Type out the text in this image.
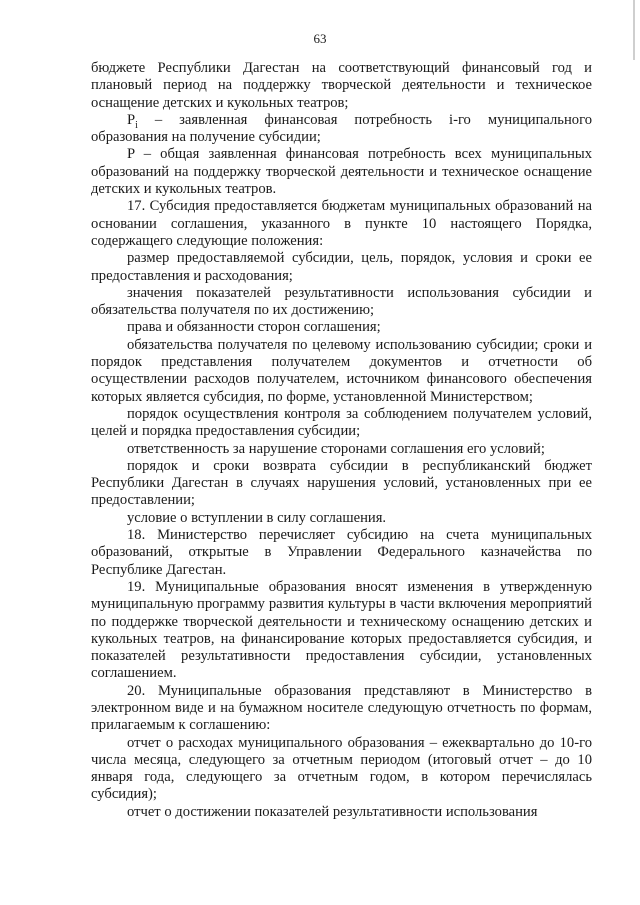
63

бюджете Республики Дагестан на соответствующий финансовый год и плановый период на поддержку творческой деятельности и техническое оснащение детских и кукольных театров;

$P_i$ – заявленная финансовая потребность i-го муниципального образования на получение субсидии;

P – общая заявленная финансовая потребность всех муниципальных образований на поддержку творческой деятельности и техническое оснащение детских и кукольных театров.

17. Субсидия предоставляется бюджетам муниципальных образований на основании соглашения, указанного в пункте 10 настоящего Порядка, содержащего следующие положения:

размер предоставляемой субсидии, цель, порядок, условия и сроки ее предоставления и расходования;

значения показателей результативности использования субсидии и обязательства получателя по их достижению;

права и обязанности сторон соглашения;

обязательства получателя по целевому использованию субсидии; сроки и порядок представления получателем документов и отчетности об осуществлении расходов получателем, источником финансового обеспечения которых является субсидия, по форме, установленной Министерством;

порядок осуществления контроля за соблюдением получателем условий, целей и порядка предоставления субсидии;

ответственность за нарушение сторонами соглашения его условий;

порядок и сроки возврата субсидии в республиканский бюджет Республики Дагестан в случаях нарушения условий, установленных при ее предоставлении;

условие о вступлении в силу соглашения.

18. Министерство перечисляет субсидию на счета муниципальных образований, открытые в Управлении Федерального казначейства по Республике Дагестан.

19. Муниципальные образования вносят изменения в утвержденную муниципальную программу развития культуры в части включения мероприятий по поддержке творческой деятельности и техническому оснащению детских и кукольных театров, на финансирование которых предоставляется субсидия, и показателей результативности предоставления субсидии, установленных соглашением.

20. Муниципальные образования представляют в Министерство в электронном виде и на бумажном носителе следующую отчетность по формам, прилагаемым к соглашению:

отчет о расходах муниципального образования – ежеквартально до 10-го числа месяца, следующего за отчетным периодом (итоговый отчет – до 10 января года, следующего за отчетным годом, в котором перечислялась субсидия);

отчет о достижении показателей результативности использования
